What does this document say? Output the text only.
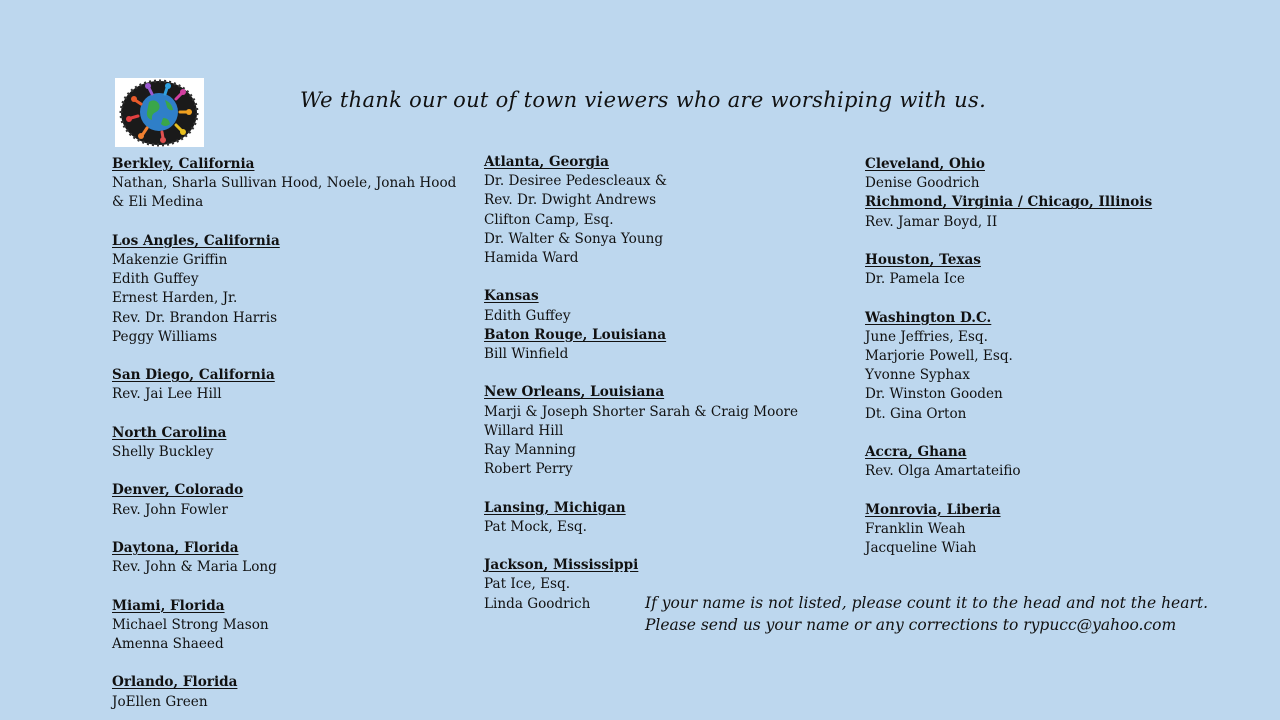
We thank our out of town viewers who are worshiping with us.
Berkley, California
Nathan, Sharla Sullivan Hood, Noele, Jonah Hood & Eli Medina
Los Angles, California
Makenzie Griffin
Edith Guffey
Ernest Harden, Jr.
Rev. Dr. Brandon Harris
Peggy Williams
San Diego, California
Rev. Jai Lee Hill
North Carolina
Shelly Buckley
Denver, Colorado
Rev. John Fowler
Daytona, Florida
Rev. John & Maria Long
Miami, Florida
Michael Strong Mason
Amenna Shaeed
Orlando, Florida
JoEllen Green
Atlanta, Georgia
Dr. Desiree Pedescleaux &
Rev. Dr. Dwight Andrews
Clifton Camp, Esq.
Dr. Walter & Sonya Young
Hamida Ward
Kansas
Edith Guffey
Baton Rouge, Louisiana
Bill Winfield
New Orleans, Louisiana
Marji & Joseph Shorter Sarah & Craig Moore
Willard Hill
Ray Manning
Robert Perry
Lansing, Michigan
Pat Mock, Esq.
Jackson, Mississippi
Pat Ice, Esq.
Linda Goodrich
Cleveland, Ohio
Denise Goodrich
Richmond, Virginia / Chicago, Illinois
Rev. Jamar Boyd, II
Houston, Texas
Dr. Pamela Ice
Washington D.C.
June Jeffries, Esq.
Marjorie Powell, Esq.
Yvonne Syphax
Dr. Winston Gooden
Dt. Gina Orton
Accra, Ghana
Rev. Olga Amartateifio
Monrovia, Liberia
Franklin Weah
Jacqueline Wiah
If your name is not listed, please count it to the head and not the heart.
Please send us your name or any corrections to rypucc@yahoo.com
